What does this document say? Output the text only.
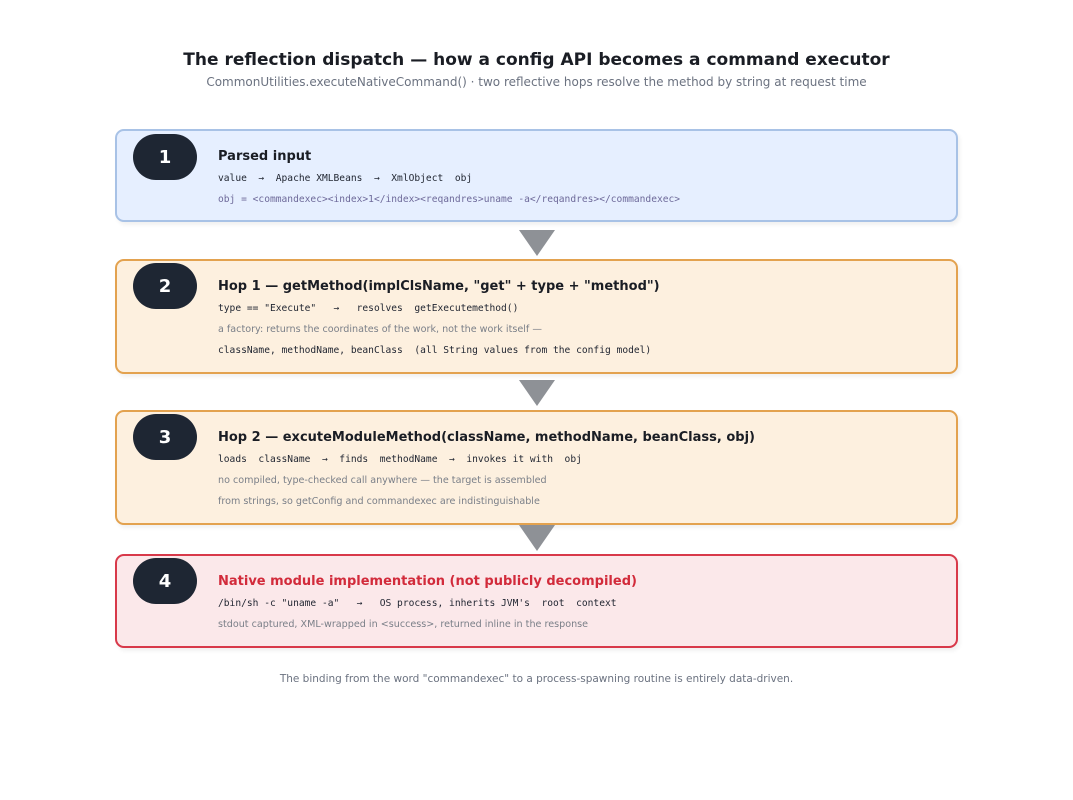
The reflection dispatch — how a config API becomes a command executor
CommonUtilities.executeNativeCommand() · two reflective hops resolve the method by string at request time
1	Parsed input
value  →  Apache XMLBeans  →  XmlObject  obj
obj = <commandexec><index>1</index><reqandres>uname -a</reqandres></commandexec>
2	Hop 1 — getMethod(implClsName, "get" + type + "method")
type == "Execute"   →   resolves  getExecutemethod()
a factory: returns the coordinates of the work, not the work itself —
className, methodName, beanClass  (all String values from the config model)
3	Hop 2 — excuteModuleMethod(className, methodName, beanClass, obj)
loads  className  →  finds  methodName  →  invokes it with  obj
no compiled, type-checked call anywhere — the target is assembled
from strings, so getConfig and commandexec are indistinguishable
4	Native module implementation (not publicly decompiled)
/bin/sh -c "uname -a"   →   OS process, inherits JVM's  root  context
stdout captured, XML-wrapped in <success>, returned inline in the response
The binding from the word "commandexec" to a process-spawning routine is entirely data-driven.
